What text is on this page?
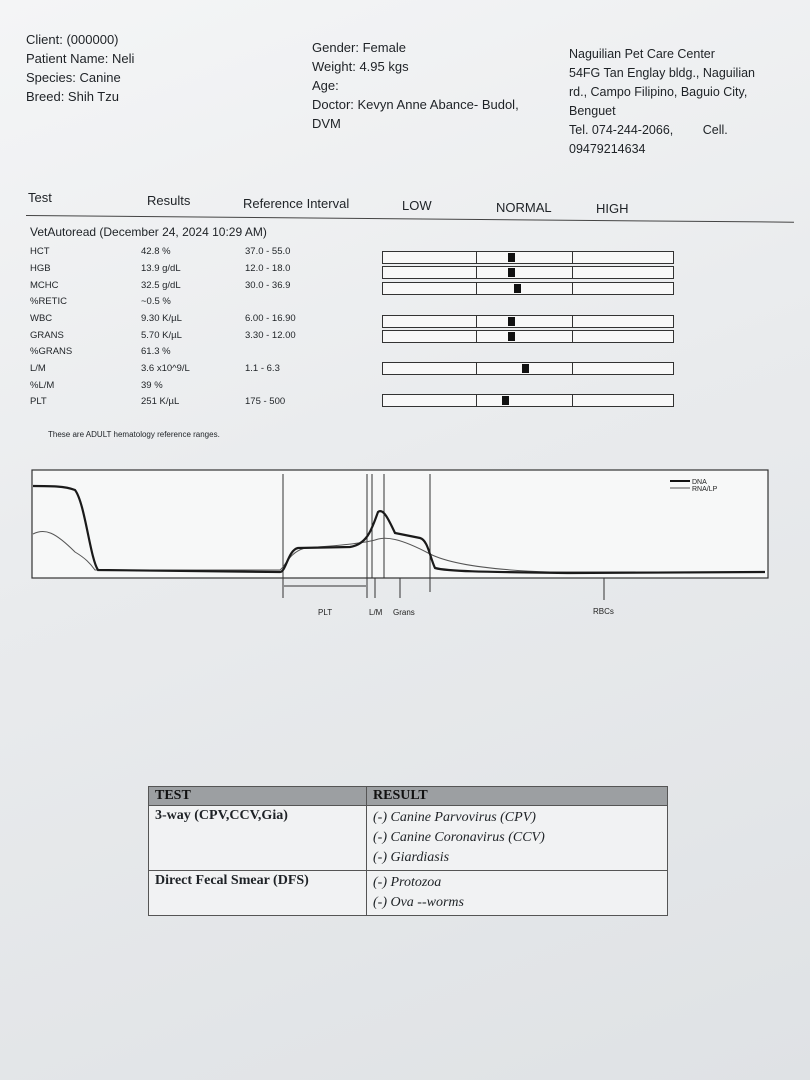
Client: (000000)
Patient Name: Neli
Species: Canine
Breed: Shih Tzu
Gender: Female
Weight: 4.95 kgs
Age:
Doctor: Kevyn Anne Abance- Budol,
DVM
Naguilian Pet Care Center
54FG Tan Englay bldg., Naguilian
rd., Campo Filipino, Baguio City,
Benguet
Tel. 074-244-2066, Cell.
09479214634
Test	Results	Reference Interval	LOW	NORMAL	HIGH
VetAutoread (December 24, 2024 10:29 AM)
HCT	42.8 %	37.0 - 55.0
HGB	13.9 g/dL	12.0 - 18.0
MCHC	32.5 g/dL	30.0 - 36.9
%RETIC	~0.5 %
WBC	9.30 K/µL	6.00 - 16.90
GRANS	5.70 K/µL	3.30 - 12.00
%GRANS	61.3 %
L/M	3.6 x10^9/L	1.1 - 6.3
%L/M	39 %
PLT	251 K/µL	175 - 500
These are ADULT hematology reference ranges.
DNA
RNA/LP
PLT	L/M Grans	RBCs
TEST	RESULT
3-way (CPV,CCV,Gia)	(-) Canine Parvovirus (CPV)
(-) Canine Coronavirus (CCV)
(-) Giardiasis

Direct Fecal Smear (DFS)	(-) Protozoa
(-) Ova --worms
